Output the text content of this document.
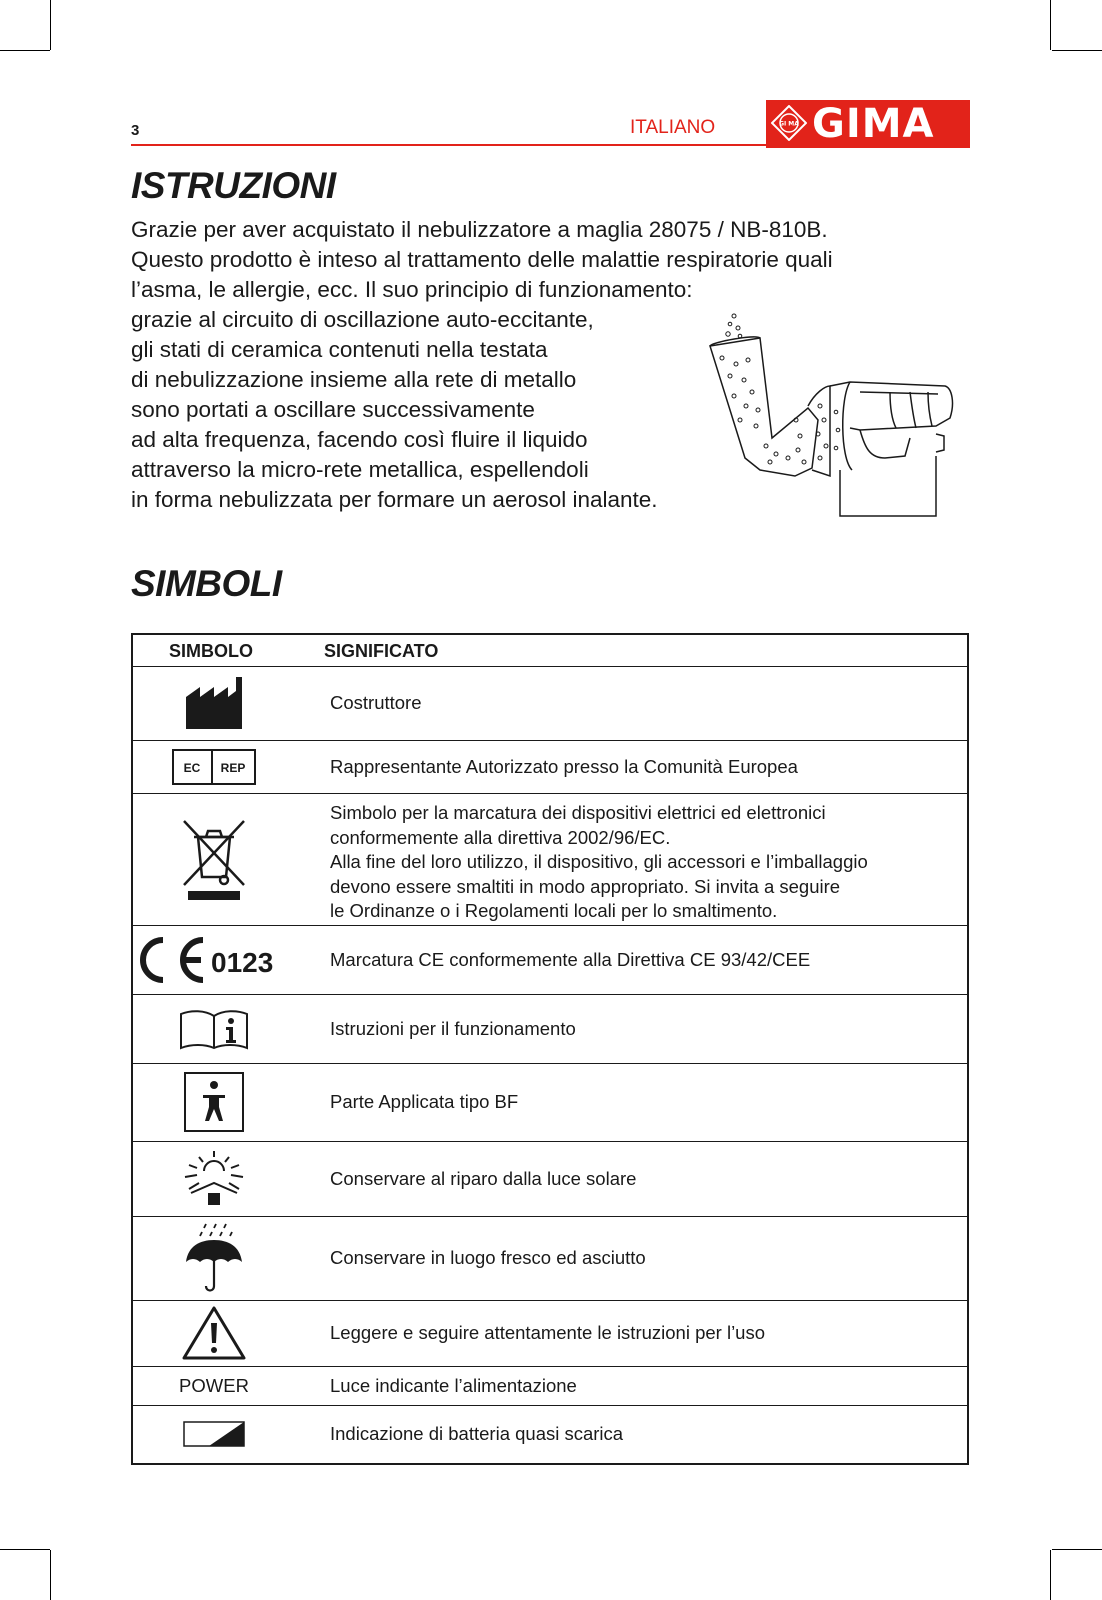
3	ITALIANO	GI MA GIMA
ISTRUZIONI
Grazie per aver acquistato il nebulizzatore a maglia 28075 / NB-810B.
Questo prodotto è inteso al trattamento delle malattie respiratorie quali
l’asma, le allergie, ecc. Il suo principio di funzionamento:
grazie al circuito di oscillazione auto-eccitante,
gli stati di ceramica contenuti nella testata
di nebulizzazione insieme alla rete di metallo
sono portati a oscillare successivamente
ad alta frequenza, facendo così fluire il liquido
attraverso la micro-rete metallica, espellendoli
in forma nebulizzata per formare un aerosol inalante.
SIMBOLI
SIMBOLO	SIGNIFICATO
Costruttore
EC REP	Rappresentante Autorizzato presso la Comunità Europea
Simbolo per la marcatura dei dispositivi elettrici ed elettronici
conformemente alla direttiva 2002/96/EC.
Alla fine del loro utilizzo, il dispositivo, gli accessori e l’imballaggio
devono essere smaltiti in modo appropriato. Si invita a seguire
le Ordinanze o i Regolamenti locali per lo smaltimento.
0123	Marcatura CE conformemente alla Direttiva CE 93/42/CEE
Istruzioni per il funzionamento
Parte Applicata tipo BF
Conservare al riparo dalla luce solare
Conservare in luogo fresco ed asciutto
Leggere e seguire attentamente le istruzioni per l’uso
POWER	Luce indicante l’alimentazione
Indicazione di batteria quasi scarica
